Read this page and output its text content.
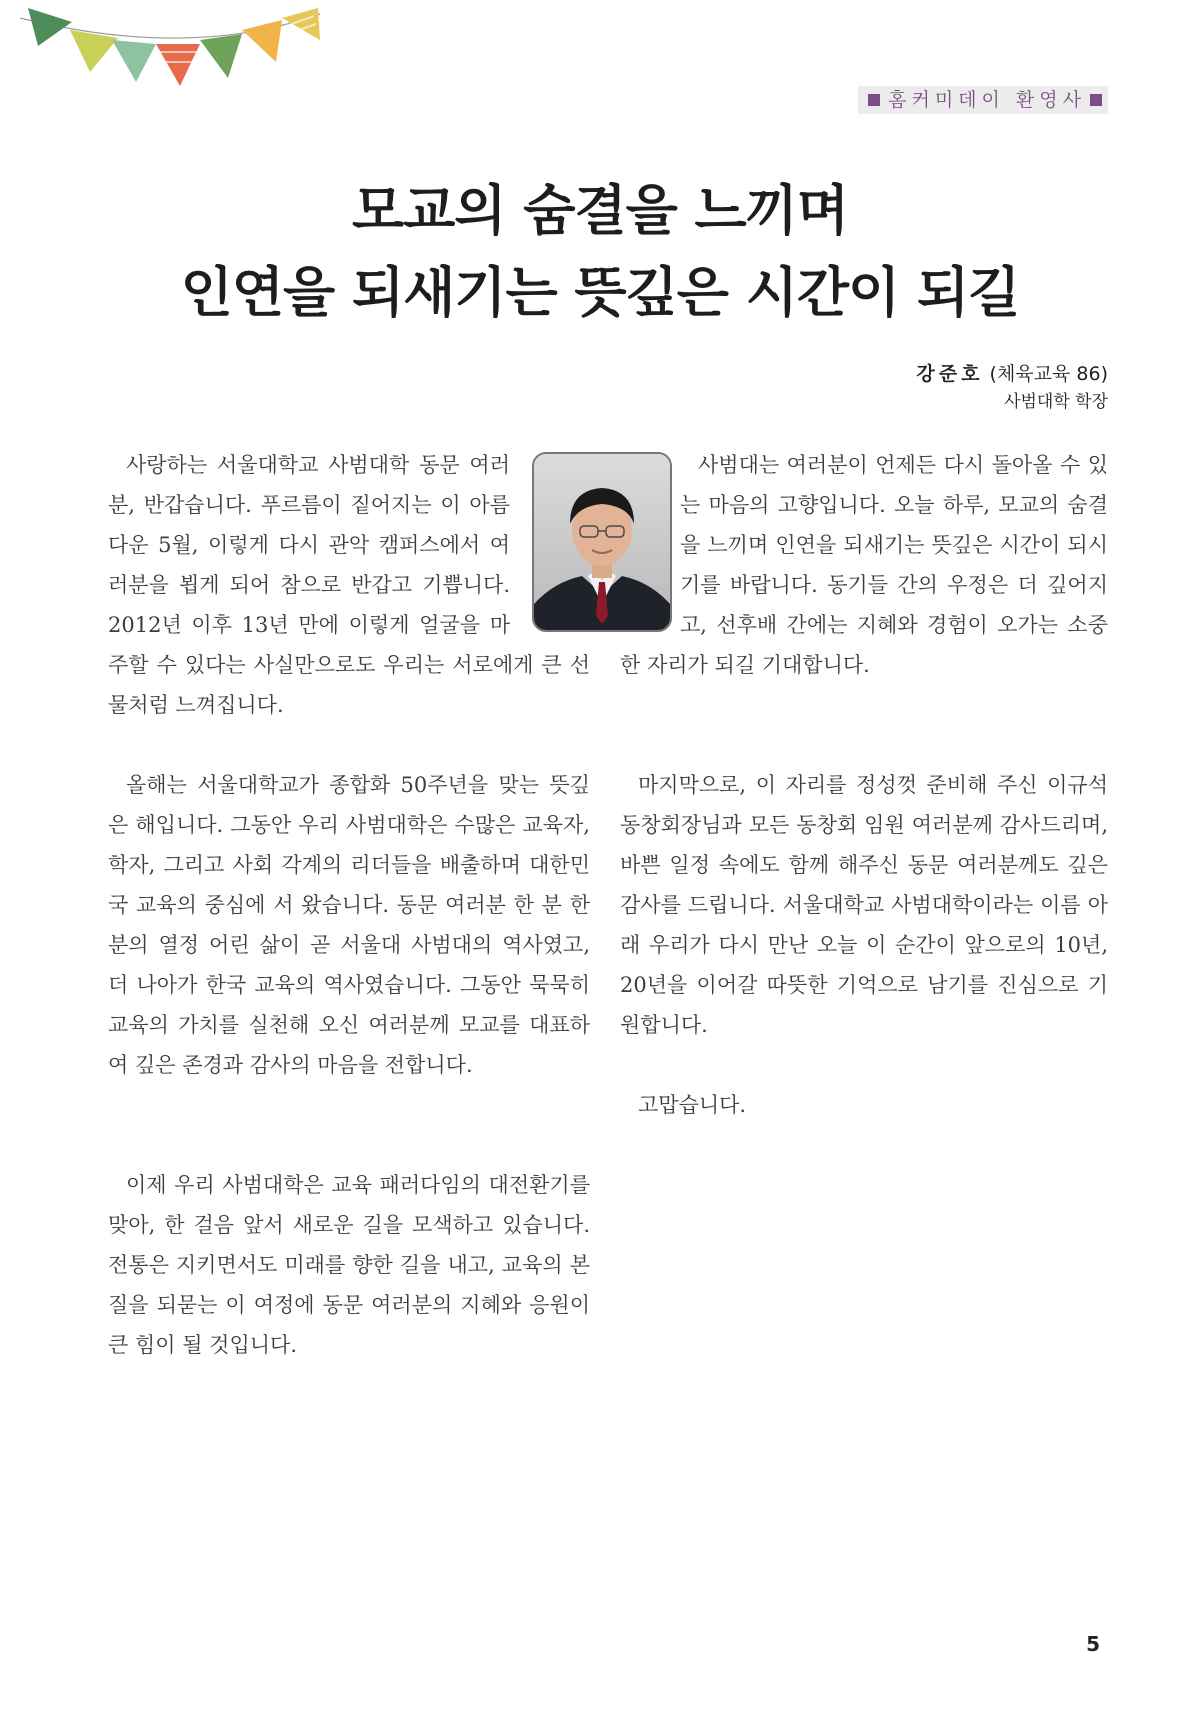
홈커미데이 환영사
모교의 숨결을 느끼며
인연을 되새기는 뜻깊은 시간이 되길
강준호 (체육교육 86)
사범대학 학장

사랑하는 서울대학교 사범대학 동문 여러분, 반갑습니다. 푸르름이 짙어지는 이 아름다운 5월, 이렇게 다시 관악 캠퍼스에서 여러분을 뵙게 되어 참으로 반갑고 기쁩니다. 2012년 이후 13년 만에 이렇게 얼굴을 마주할 수 있다는 사실만으로도 우리는 서로에게 큰 선물처럼 느껴집니다.

올해는 서울대학교가 종합화 50주년을 맞는 뜻깊은 해입니다. 그동안 우리 사범대학은 수많은 교육자, 학자, 그리고 사회 각계의 리더들을 배출하며 대한민국 교육의 중심에 서 왔습니다. 동문 여러분 한 분 한 분의 열정 어린 삶이 곧 서울대 사범대의 역사였고, 더 나아가 한국 교육의 역사였습니다. 그동안 묵묵히 교육의 가치를 실천해 오신 여러분께 모교를 대표하여 깊은 존경과 감사의 마음을 전합니다.

이제 우리 사범대학은 교육 패러다임의 대전환기를 맞아, 한 걸음 앞서 새로운 길을 모색하고 있습니다. 전통은 지키면서도 미래를 향한 길을 내고, 교육의 본질을 되묻는 이 여정에 동문 여러분의 지혜와 응원이 큰 힘이 될 것입니다.

사범대는 여러분이 언제든 다시 돌아올 수 있는 마음의 고향입니다. 오늘 하루, 모교의 숨결을 느끼며 인연을 되새기는 뜻깊은 시간이 되시기를 바랍니다. 동기들 간의 우정은 더 깊어지고, 선후배 간에는 지혜와 경험이 오가는 소중한 자리가 되길 기대합니다.

마지막으로, 이 자리를 정성껏 준비해 주신 이규석 동창회장님과 모든 동창회 임원 여러분께 감사드리며, 바쁜 일정 속에도 함께 해주신 동문 여러분께도 깊은 감사를 드립니다. 서울대학교 사범대학이라는 이름 아래 우리가 다시 만난 오늘 이 순간이 앞으로의 10년, 20년을 이어갈 따뜻한 기억으로 남기를 진심으로 기원합니다.

고맙습니다.

5
